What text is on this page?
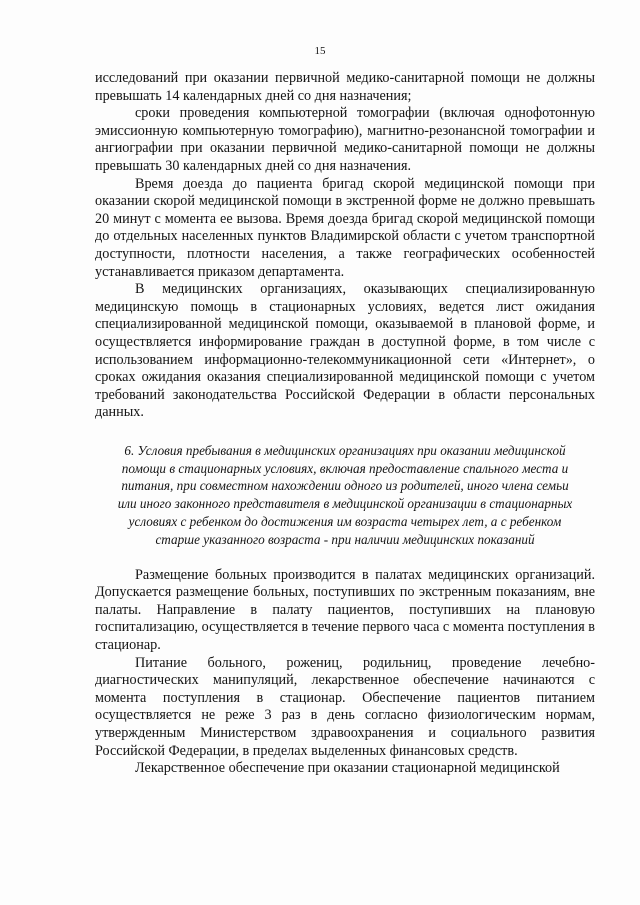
15

исследований при оказании первичной медико-санитарной помощи не должны превышать 14 календарных дней со дня назначения;

сроки проведения компьютерной томографии (включая однофотонную эмиссионную компьютерную томографию), магнитно-резонансной томографии и ангиографии при оказании первичной медико-санитарной помощи не должны превышать 30 календарных дней со дня назначения.

Время доезда до пациента бригад скорой медицинской помощи при оказании скорой медицинской помощи в экстренной форме не должно превышать 20 минут с момента ее вызова. Время доезда бригад скорой медицинской помощи до отдельных населенных пунктов Владимирской области с учетом транспортной доступности, плотности населения, а также географических особенностей устанавливается приказом департамента.

В медицинских организациях, оказывающих специализированную медицинскую помощь в стационарных условиях, ведется лист ожидания специализированной медицинской помощи, оказываемой в плановой форме, и осуществляется информирование граждан в доступной форме, в том числе с использованием информационно-телекоммуникационной сети «Интернет», о сроках ожидания оказания специализированной медицинской помощи с учетом требований законодательства Российской Федерации в области персональных данных.

6. Условия пребывания в медицинских организациях при оказании медицинской помощи в стационарных условиях, включая предоставление спального места и питания, при совместном нахождении одного из родителей, иного члена семьи или иного законного представителя в медицинской организации в стационарных условиях с ребенком до достижения им возраста четырех лет, а с ребенком старше указанного возраста - при наличии медицинских показаний

Размещение больных производится в палатах медицинских организаций. Допускается размещение больных, поступивших по экстренным показаниям, вне палаты. Направление в палату пациентов, поступивших на плановую госпитализацию, осуществляется в течение первого часа с момента поступления в стационар.

Питание больного, рожениц, родильниц, проведение лечебно-диагностических манипуляций, лекарственное обеспечение начинаются с момента поступления в стационар. Обеспечение пациентов питанием осуществляется не реже 3 раз в день согласно физиологическим нормам, утвержденным Министерством здравоохранения и социального развития Российской Федерации, в пределах выделенных финансовых средств.

Лекарственное обеспечение при оказании стационарной медицинской
